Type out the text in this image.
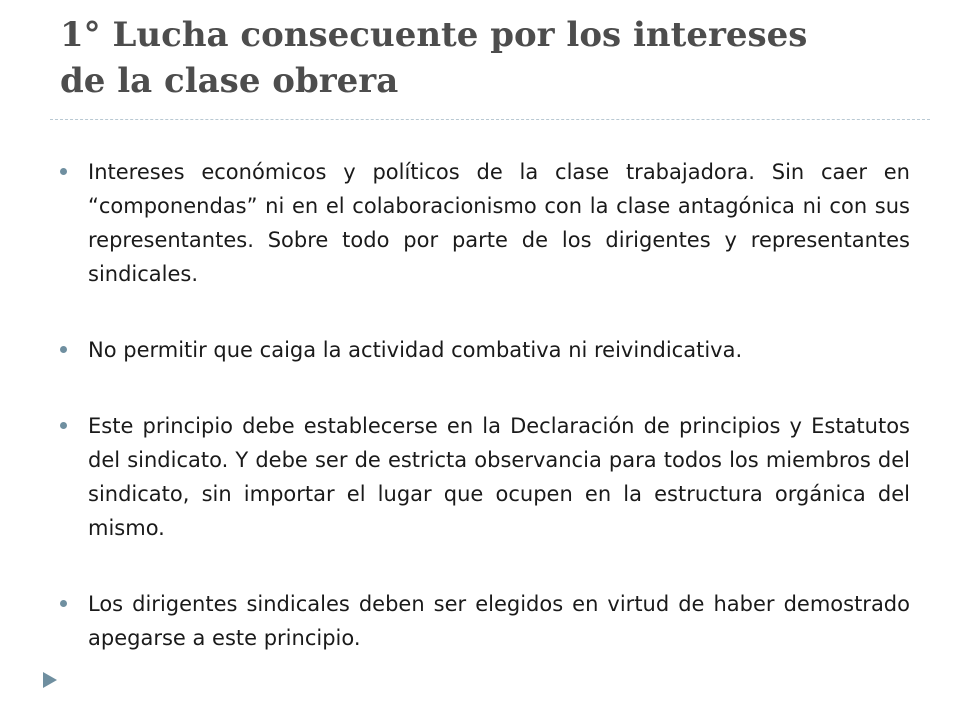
1° Lucha consecuente por los intereses
de la clase obrera
Intereses económicos y políticos de la clase trabajadora. Sin caer en “componendas” ni en el colaboracionismo con la clase antagónica ni con sus representantes. Sobre todo por parte de los dirigentes y representantes sindicales.
No permitir que caiga la actividad combativa ni reivindicativa.
Este principio debe establecerse en la Declaración de principios y Estatutos del sindicato. Y debe ser de estricta observancia para todos los miembros del sindicato, sin importar el lugar que ocupen en la estructura orgánica del mismo.
Los dirigentes sindicales deben ser elegidos en virtud de haber demostrado apegarse a este principio.
